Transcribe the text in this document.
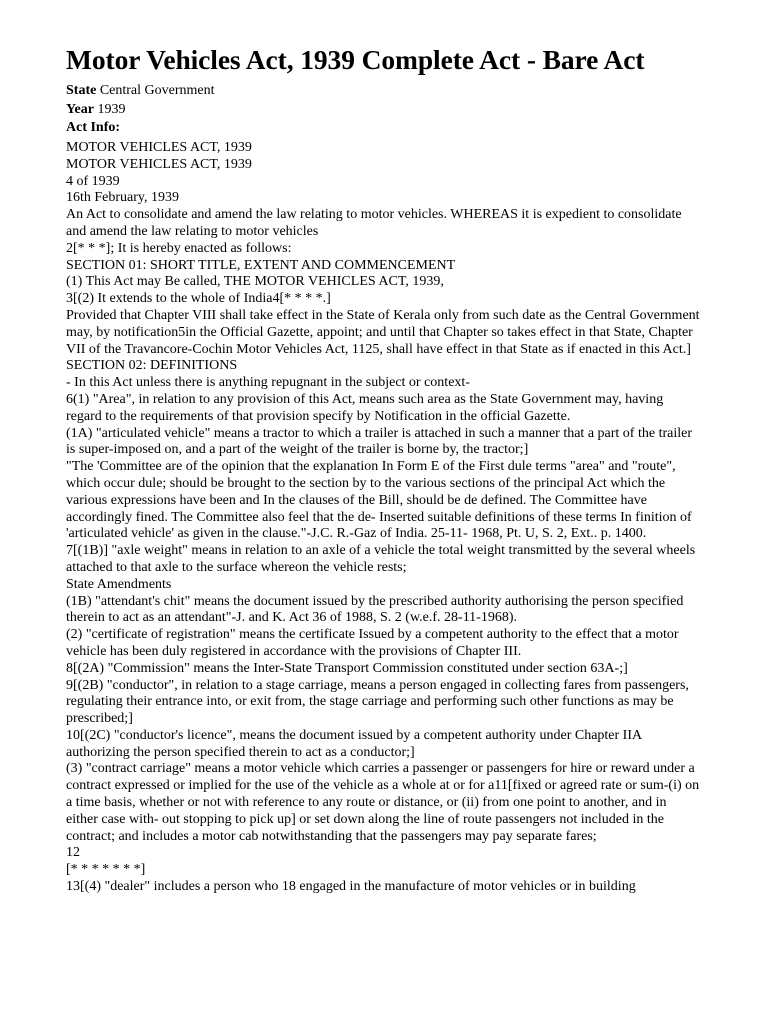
Motor Vehicles Act, 1939 Complete Act - Bare Act

State Central Government

Year 1939

Act Info:

MOTOR VEHICLES ACT, 1939
MOTOR VEHICLES ACT, 1939
4 of 1939
16th February, 1939
An Act to consolidate and amend the law relating to motor vehicles. WHEREAS it is expedient to consolidate and amend the law relating to motor vehicles
2[* * *]; It is hereby enacted as follows:
SECTION 01: SHORT TITLE, EXTENT AND COMMENCEMENT
(1) This Act may Be called, THE MOTOR VEHICLES ACT, 1939,
3[(2) It extends to the whole of India4[* * * *.]
Provided that Chapter VIII shall take effect in the State of Kerala only from such date as the Central Government may, by notification5in the Official Gazette, appoint; and until that Chapter so takes effect in that State, Chapter VII of the Travancore-Cochin Motor Vehicles Act, 1125, shall have effect in that State as if enacted in this Act.]
SECTION 02: DEFINITIONS
- In this Act unless there is anything repugnant in the subject or context-
6(1) "Area", in relation to any provision of this Act, means such area as the State Government may, having regard to the requirements of that provision specify by Notification in the official Gazette.
(1A) "articulated vehicle" means a tractor to which a trailer is attached in such a manner that a part of the trailer is super-imposed on, and a part of the weight of the trailer is borne by, the tractor;]
"The 'Committee are of the opinion that the explanation In Form E of the First dule terms "area" and "route", which occur dule; should be brought to the section by to the various sections of the principal Act which the various expressions have been and In the clauses of the Bill, should be de defined. The Committee have accordingly fined. The Committee also feel that the de- Inserted suitable definitions of these terms In finition of 'articulated vehicle' as given in the clause."-J.C. R.-Gaz of India. 25-11- 1968, Pt. U, S. 2, Ext.. p. 1400.
7[(1B)] "axle weight" means in relation to an axle of a vehicle the total weight transmitted by the several wheels attached to that axle to the surface whereon the vehicle rests;
State Amendments
(1B) "attendant's chit" means the document issued by the prescribed authority authorising the person specified therein to act as an attendant"-J. and K. Act 36 of 1988, S. 2 (w.e.f. 28-11-1968).
(2) "certificate of registration" means the certificate Issued by a competent authority to the effect that a motor vehicle has been duly registered in accordance with the provisions of Chapter III.
8[(2A) "Commission" means the Inter-State Transport Commission constituted under section 63A-;]
9[(2B) "conductor", in relation to a stage carriage, means a person engaged in collecting fares from passengers, regulating their entrance into, or exit from, the stage carriage and performing such other functions as may be prescribed;]
10[(2C) "conductor's licence", means the document issued by a competent authority under Chapter IIA authorizing the person specified therein to act as a conductor;]
(3) "contract carriage" means a motor vehicle which carries a passenger or passengers for hire or reward under a contract expressed or implied for the use of the vehicle as a whole at or for a11[fixed or agreed rate or sum-(i) on a time basis, whether or not with reference to any route or distance, or (ii) from one point to another, and in either case with- out stopping to pick up] or set down along the line of route passengers not included in the contract; and includes a motor cab notwithstanding that the passengers may pay separate fares;
12
[* * * * * * *]
13[(4) "dealer" includes a person who 18 engaged in the manufacture of motor vehicles or in building
